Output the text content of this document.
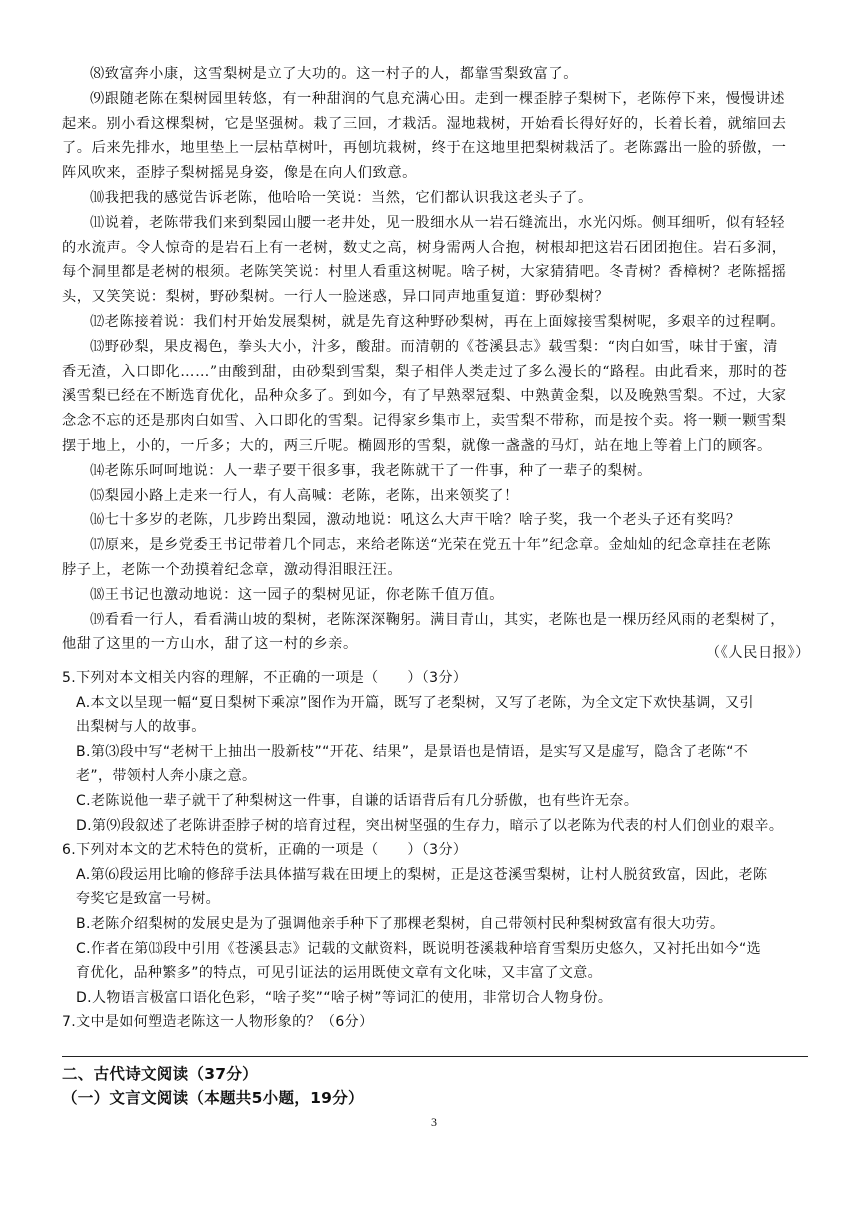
⑻致富奔小康，这雪梨树是立了大功的。这一村子的人，都靠雪梨致富了。
⑼跟随老陈在梨树园里转悠，有一种甜润的气息充满心田。走到一棵歪脖子梨树下，老陈停下来，慢慢讲述
起来。别小看这棵梨树，它是坚强树。栽了三回，才栽活。湿地栽树，开始看长得好好的，长着长着，就缩回去
了。后来先排水，地里垫上一层枯草树叶，再刨坑栽树，终于在这地里把梨树栽活了。老陈露出一脸的骄傲，一
阵风吹来，歪脖子梨树摇晃身姿，像是在向人们致意。
⑽我把我的感觉告诉老陈，他哈哈一笑说：当然，它们都认识我这老头子了。
⑾说着，老陈带我们来到梨园山腰一老井处，见一股细水从一岩石缝流出，水光闪烁。侧耳细听，似有轻轻
的水流声。令人惊奇的是岩石上有一老树，数丈之高，树身需两人合抱，树根却把这岩石团团抱住。岩石多洞，
每个洞里都是老树的根须。老陈笑笑说：村里人看重这树呢。啥子树，大家猜猜吧。冬青树？香樟树？老陈摇摇
头，又笑笑说：梨树，野砂梨树。一行人一脸迷惑，异口同声地重复道：野砂梨树？
⑿老陈接着说：我们村开始发展梨树，就是先育这种野砂梨树，再在上面嫁接雪梨树呢，多艰辛的过程啊。
⒀野砂梨，果皮褐色，拳头大小，汁多，酸甜。而清朝的《苍溪县志》载雪梨：“肉白如雪，味甘于蜜，清
香无渣，入口即化……”由酸到甜，由砂梨到雪梨，梨子相伴人类走过了多么漫长的“路程。由此看来，那时的苍
溪雪梨已经在不断选育优化，品种众多了。到如今，有了早熟翠冠梨、中熟黄金梨，以及晚熟雪梨。不过，大家
念念不忘的还是那肉白如雪、入口即化的雪梨。记得家乡集市上，卖雪梨不带称，而是按个卖。将一颗一颗雪梨
摆于地上，小的，一斤多；大的，两三斤呢。椭圆形的雪梨，就像一盏盏的马灯，站在地上等着上门的顾客。
⒁老陈乐呵呵地说：人一辈子要干很多事，我老陈就干了一件事，种了一辈子的梨树。
⒂梨园小路上走来一行人，有人高喊：老陈，老陈，出来领奖了！
⒃七十多岁的老陈，几步跨出梨园，激动地说：吼这么大声干啥？啥子奖，我一个老头子还有奖吗？
⒄原来，是乡党委王书记带着几个同志，来给老陈送“光荣在党五十年”纪念章。金灿灿的纪念章挂在老陈
脖子上，老陈一个劲摸着纪念章，激动得泪眼汪汪。
⒅王书记也激动地说：这一园子的梨树见证，你老陈千值万值。
⒆看看一行人，看看满山坡的梨树，老陈深深鞠躬。满目青山，其实，老陈也是一棵历经风雨的老梨树了，
他甜了这里的一方山水，甜了这一村的乡亲。
（《人民日报》）
5.下列对本文相关内容的理解，不正确的一项是（　　）（3分）
A.本文以呈现一幅“夏日梨树下乘凉”图作为开篇，既写了老梨树，又写了老陈，为全文定下欢快基调，又引
出梨树与人的故事。
B.第⑶段中写“老树干上抽出一股新枝”“开花、结果”，是景语也是情语，是实写又是虚写，隐含了老陈“不
老”，带领村人奔小康之意。
C.老陈说他一辈子就干了种梨树这一件事，自谦的话语背后有几分骄傲，也有些许无奈。
D.第⑼段叙述了老陈讲歪脖子树的培育过程，突出树坚强的生存力，暗示了以老陈为代表的村人们创业的艰辛。
6.下列对本文的艺术特色的赏析，正确的一项是（　　）（3分）
A.第⑹段运用比喻的修辞手法具体描写栽在田埂上的梨树，正是这苍溪雪梨树，让村人脱贫致富，因此，老陈
夸奖它是致富一号树。
B.老陈介绍梨树的发展史是为了强调他亲手种下了那棵老梨树，自己带领村民种梨树致富有很大功劳。
C.作者在第⒀段中引用《苍溪县志》记载的文献资料，既说明苍溪栽种培育雪梨历史悠久，又衬托出如今“选
育优化，品种繁多”的特点，可见引证法的运用既使文章有文化味，又丰富了文意。
D.人物语言极富口语化色彩，“啥子奖”“啥子树”等词汇的使用，非常切合人物身份。
7.文中是如何塑造老陈这一人物形象的？（6分）
二、古代诗文阅读（37分）
（一）文言文阅读（本题共5小题，19分）
3
